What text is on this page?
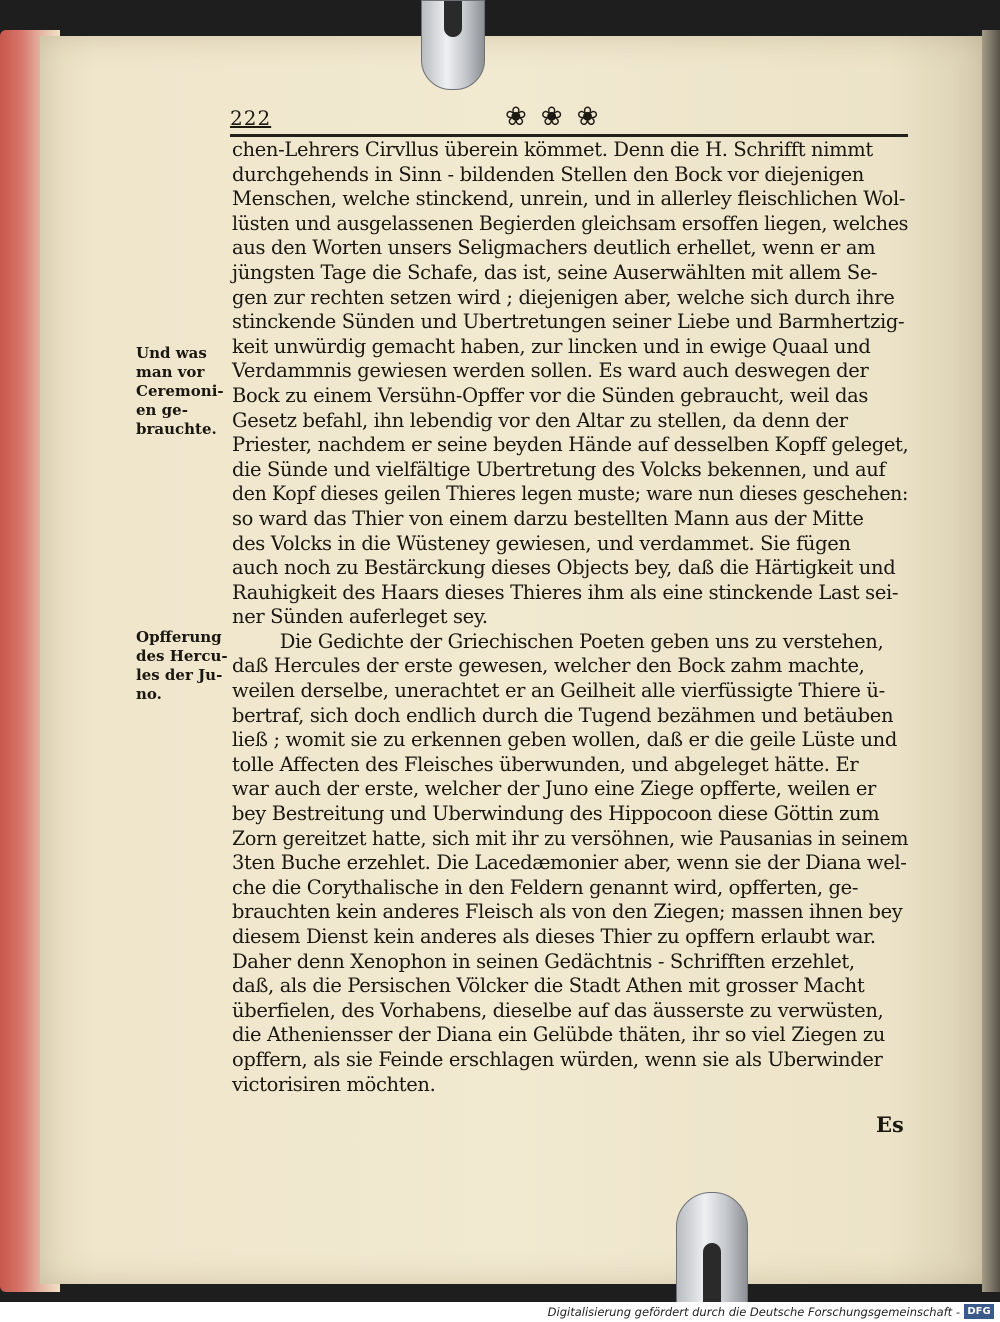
222	❀❀❀
chen-Lehrers Cirvllus überein kömmet. Denn die H. Schrifft nimmt
durchgehends in Sinn - bildenden Stellen den Bock vor diejenigen
Menschen, welche stinckend, unrein, und in allerley fleischlichen Wol-
lüsten und ausgelassenen Begierden gleichsam ersoffen liegen, welches
aus den Worten unsers Seligmachers deutlich erhellet, wenn er am
jüngsten Tage die Schafe, das ist, seine Auserwählten mit allem Se-
gen zur rechten setzen wird ; diejenigen aber, welche sich durch ihre
stinckende Sünden und Ubertretungen seiner Liebe und Barmhertzig-
keit unwürdig gemacht haben, zur lincken und in ewige Quaal und
Verdammnis gewiesen werden sollen. Es ward auch deswegen der
Bock zu einem Versühn-Opffer vor die Sünden gebraucht, weil das
Gesetz befahl, ihn lebendig vor den Altar zu stellen, da denn der
Priester, nachdem er seine beyden Hände auf desselben Kopff geleget,
die Sünde und vielfältige Ubertretung des Volcks bekennen, und auf
den Kopf dieses geilen Thieres legen muste; ware nun dieses geschehen:
so ward das Thier von einem darzu bestellten Mann aus der Mitte
des Volcks in die Wüsteney gewiesen, und verdammet. Sie fügen
auch noch zu Bestärckung dieses Objects bey, daß die Härtigkeit und
Rauhigkeit des Haars dieses Thieres ihm als eine stinckende Last sei-
ner Sünden auferleget sey.
Die Gedichte der Griechischen Poeten geben uns zu verstehen,
daß Hercules der erste gewesen, welcher den Bock zahm machte,
weilen derselbe, unerachtet er an Geilheit alle vierfüssigte Thiere ü-
bertraf, sich doch endlich durch die Tugend bezähmen und betäuben
ließ ; womit sie zu erkennen geben wollen, daß er die geile Lüste und
tolle Affecten des Fleisches überwunden, und abgeleget hätte. Er
war auch der erste, welcher der Juno eine Ziege opfferte, weilen er
bey Bestreitung und Uberwindung des Hippocoon diese Göttin zum
Zorn gereitzet hatte, sich mit ihr zu versöhnen, wie Pausanias in seinem
3ten Buche erzehlet. Die Lacedæmonier aber, wenn sie der Diana wel-
che die Corythalische in den Feldern genannt wird, opfferten, ge-
brauchten kein anderes Fleisch als von den Ziegen; massen ihnen bey
diesem Dienst kein anderes als dieses Thier zu opffern erlaubt war.
Daher denn Xenophon in seinen Gedächtnis - Schrifften erzehlet,
daß, als die Persischen Völcker die Stadt Athen mit grosser Macht
überfielen, des Vorhabens, dieselbe auf das äusserste zu verwüsten,
die Atheniensser der Diana ein Gelübde thäten, ihr so viel Ziegen zu
opffern, als sie Feinde erschlagen würden, wenn sie als Uberwinder
victorisiren möchten.
Und was
man vor
Ceremoni-
en ge-
brauchte.
Opfferung
des Hercu-
les der Ju-
no.
Es
Digitalisierung gefördert durch die Deutsche Forschungsgemeinschaft - DFG
